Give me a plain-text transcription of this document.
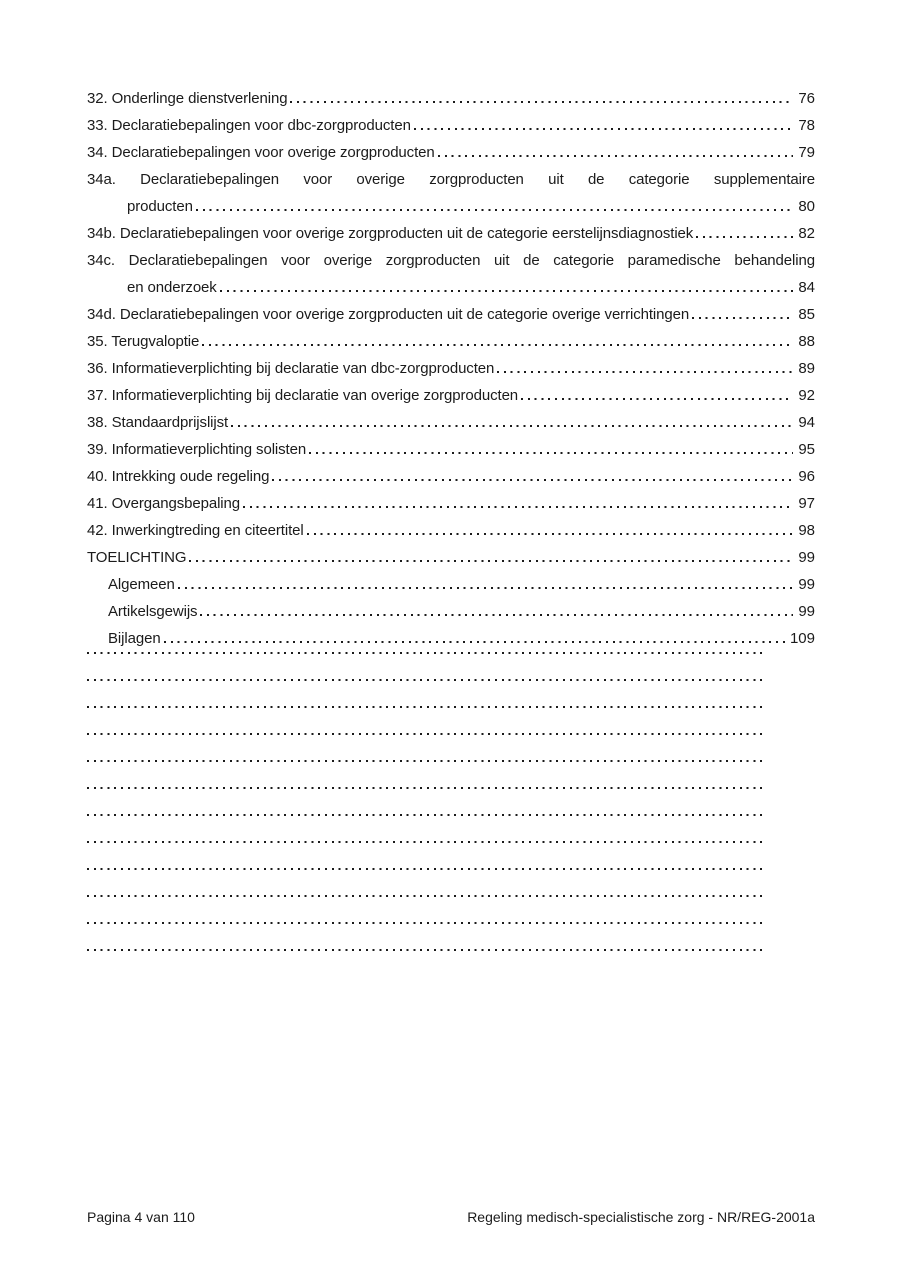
32. Onderlinge dienstverlening	76
33. Declaratiebepalingen voor dbc-zorgproducten	78
34. Declaratiebepalingen voor overige zorgproducten	79
34a. Declaratiebepalingen voor overige zorgproducten uit de categorie supplementaire
producten	80
34b. Declaratiebepalingen voor overige zorgproducten uit de categorie eerstelijnsdiagnostiek	82
34c. Declaratiebepalingen voor overige zorgproducten uit de categorie paramedische behandeling
en onderzoek	84
34d. Declaratiebepalingen voor overige zorgproducten uit de categorie overige verrichtingen	85
35. Terugvaloptie	88
36. Informatieverplichting bij declaratie van dbc-zorgproducten	89
37. Informatieverplichting bij declaratie van overige zorgproducten	92
38. Standaardprijslijst	94
39. Informatieverplichting solisten	95
40. Intrekking oude regeling	96
41. Overgangsbepaling	97
42. Inwerkingtreding en citeertitel	98
TOELICHTING	99
Algemeen	99
Artikelsgewijs	99
Bijlagen	109
Pagina 4 van 110	Regeling medisch-specialistische zorg - NR/REG-2001a
